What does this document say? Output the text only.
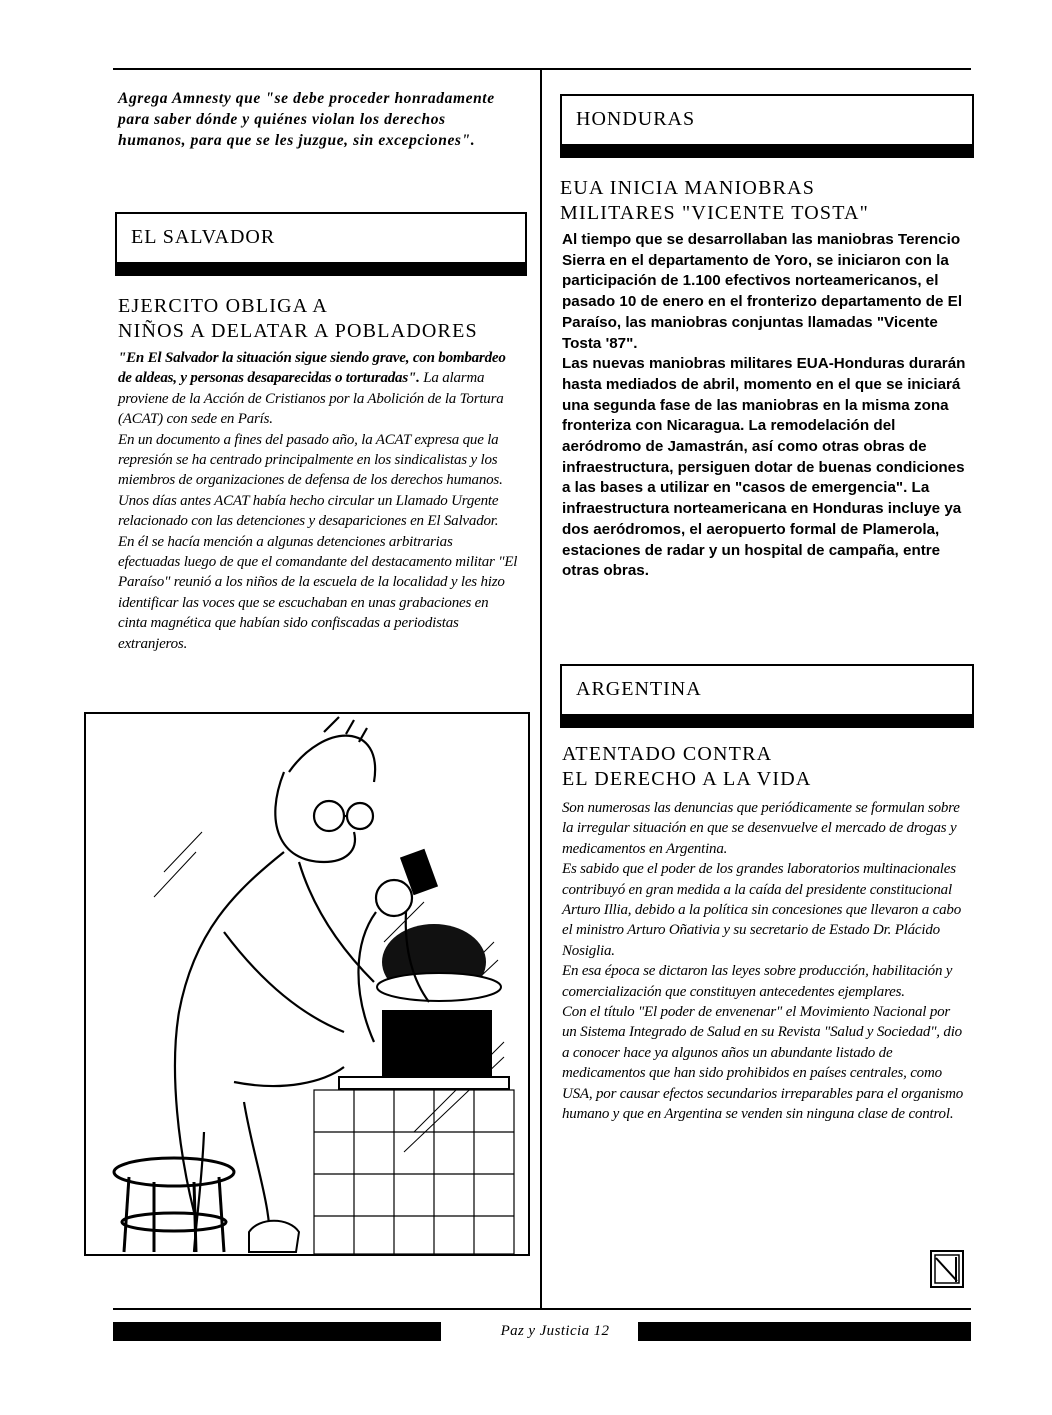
Agrega Amnesty que "se debe proceder honradamente para saber dónde y quiénes violan los derechos humanos, para que se les juzgue, sin excepciones".

EL SALVADOR
EJERCITO OBLIGA A
NIÑOS A DELATAR A POBLADORES

"En El Salvador la situación sigue siendo grave, con bombardeo de aldeas, y personas desaparecidas o torturadas". La alarma proviene de la Acción de Cristianos por la Abolición de la Tortura (ACAT) con sede en París.

En un documento a fines del pasado año, la ACAT expresa que la represión se ha centrado principalmente en los sindicalistas y los miembros de organizaciones de defensa de los derechos humanos. Unos días antes ACAT había hecho circular un Llamado Urgente relacionado con las detenciones y desapariciones en El Salvador. En él se hacía mención a algunas detenciones arbitrarias efectuadas luego de que el comandante del destacamento militar "El Paraíso" reunió a los niños de la escuela de la localidad y les hizo identificar las voces que se escuchaban en unas grabaciones en cinta magnética que habían sido confiscadas a periodistas extranjeros.

HONDURAS
EUA INICIA MANIOBRAS
MILITARES "VICENTE TOSTA"

Al tiempo que se desarrollaban las maniobras Terencio Sierra en el departamento de Yoro, se iniciaron con la participación de 1.100 efectivos norteamericanos, el pasado 10 de enero en el fronterizo departamento de El Paraíso, las maniobras conjuntas llamadas "Vicente Tosta '87".

Las nuevas maniobras militares EUA-Honduras durarán hasta mediados de abril, momento en el que se iniciará una segunda fase de las maniobras en la misma zona fronteriza con Nicaragua. La remodelación del aeródromo de Jamastrán, así como otras obras de infraestructura, persiguen dotar de buenas condiciones a las bases a utilizar en "casos de emergencia". La infraestructura norteamericana en Honduras incluye ya dos aeródromos, el aeropuerto formal de Plamerola, estaciones de radar y un hospital de campaña, entre otras obras.

ARGENTINA
ATENTADO CONTRA
EL DERECHO A LA VIDA

Son numerosas las denuncias que periódicamente se formulan sobre la irregular situación en que se desenvuelve el mercado de drogas y medicamentos en Argentina.

Es sabido que el poder de los grandes laboratorios multinacionales contribuyó en gran medida a la caída del presidente constitucional Arturo Illia, debido a la política sin concesiones que llevaron a cabo el ministro Arturo Oñativia y su secretario de Estado Dr. Plácido Nosiglia.

En esa época se dictaron las leyes sobre producción, habilitación y comercialización que constituyen antecedentes ejemplares.

Con el título "El poder de envenenar" el Movimiento Nacional por un Sistema Integrado de Salud en su Revista "Salud y Sociedad", dio a conocer hace ya algunos años un abundante listado de medicamentos que han sido prohibidos en países centrales, como USA, por causar efectos secundarios irreparables para el organismo humano y que en Argentina se venden sin ninguna clase de control.

Paz y Justicia 12
